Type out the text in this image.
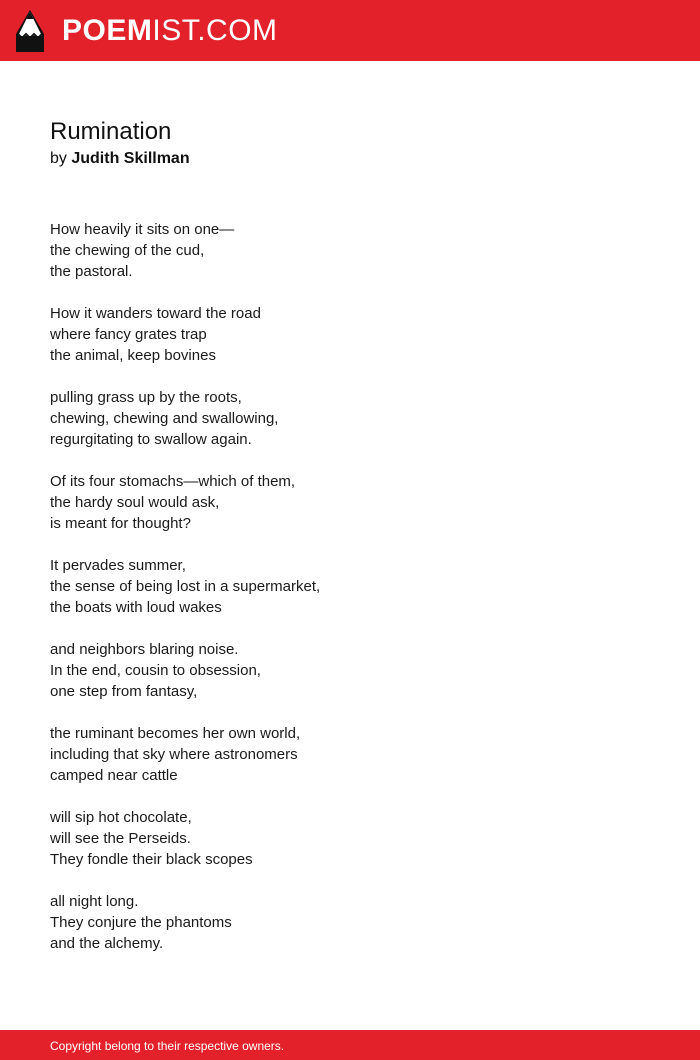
POEMIST.COM
Rumination

by Judith Skillman

How heavily it sits on one—
the chewing of the cud,
the pastoral.

How it wanders toward the road
where fancy grates trap
the animal, keep bovines

pulling grass up by the roots,
chewing, chewing and swallowing,
regurgitating to swallow again.

Of its four stomachs—which of them,
the hardy soul would ask,
is meant for thought?

It pervades summer,
the sense of being lost in a supermarket,
the boats with loud wakes

and neighbors blaring noise.
In the end, cousin to obsession,
one step from fantasy,

the ruminant becomes her own world,
including that sky where astronomers
camped near cattle

will sip hot chocolate,
will see the Perseids.
They fondle their black scopes

all night long.
They conjure the phantoms
and the alchemy.

Copyright belong to their respective owners.
